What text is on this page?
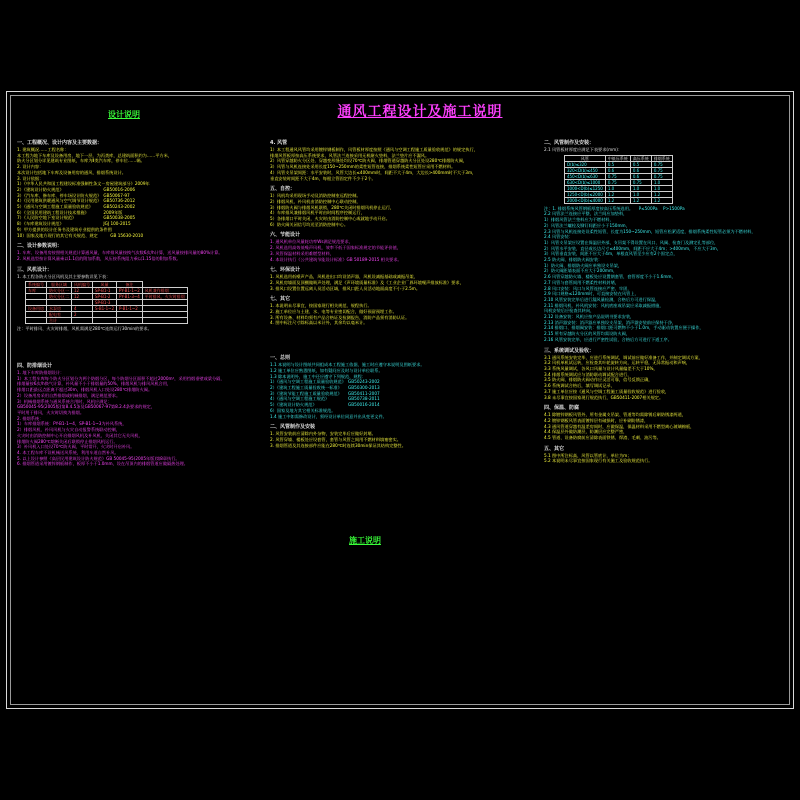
通风工程设计及施工说明
设计说明
施工说明
一、工程概况、设计内容及主要数据：
1. 建筑概况……工程名称：
本工程为地下车库及设备用房，地下一层，为丙类库，总建筑面积约为……平方米，
防火分区划分详见建筑专业图纸，车库为Ⅱ类汽车库，停车位……辆。
2. 设计内容：
本次设计包括地下车库及设备用房的通风、排烟系统设计。
3. 设计依据：
1）《中华人民共和国工程建设标准强制性条文－房屋建筑部分》2009年
2）《建筑设计防火规范》　　　　　　　　　　GB50016-2006
3）《汽车库、修车库、停车场设计防火规范》　GB50067-97
4）《民用建筑供暖通风与空气调节设计规范》　GB50736-2012
5）《通风与空调工程施工质量验收规范》　　　GB50243-2002
6）《全国民用建筑工程设计技术措施》　　　　2009年版
7）《人民防空地下室设计规范》　　　　　　　GB50038-2005
8）《车库建筑设计规范》　　　　　　　　　　JGJ 100-2015
9）甲方提供的设计任务书及建筑专业提供的条件图
10）国家及地方现行的其它有关规范、规定　　　GB 15630-2010
二、设计参数说明：
1. 车库、设备用房按照相关规范计算通风量，车库排风量按换气次数6次/h计算，送风量按排风量的80%计算。
2. 风机选型按计算风量乘以1.1倍的附加系数，风压按系统阻力乘以1.15倍的附加系数。
三、风机设计：
1. 本工程各防火分区风机及其主要参数详见下表：
系统编号	服务区域	风机编号	风量	备注	
车库	防火分区一	12	SP-B1-1	PY-B1-1~2	风机兼作排烟
	防火分区二	12	SP-B1-2	PY-B1-3~4	平时排风，火灾时排烟
			SP-B1-3		
设备用房	水泵房	4	S-B1-1~2	P-B1-1~2	
	配电室	2			
	合计				
注：平时排风、火灾时排烟，风机需满足280℃连续运行30min的要求。
四、防排烟设计
1. 地下车库防排烟设计：
1）本工程车库每个防火分区划分为两个防烟分区，每个防烟分区面积不超过2000m²，采用挡烟垂壁或梁分隔，
排烟量按6次/h换气计算，补风量不小于排烟量的50%，排烟风机与排风风机合用，
排烟口距最远点距离不超过30m，排烟风机入口处设280℃排烟防火阀。
2）设备用房采用自然排烟或机械排烟，满足规范要求。
3）机械排烟系统与通风系统合用时，风机应满足：
GB50045-95(2005版)第8.4.5条及GB50067-97第8.2.4条要求的规定，
平时用于排风，火灾时切换为排烟。
2. 排烟系统：
1）车库排烟系统：PY-B1-1~4，SP-B1-1~3为补风系统，
2）排烟风机、补风风机与火灾自动报警系统联动控制，
火灾时由消防控制中心开启排烟风机及补风机，关闭其它无关风机，
排烟防火阀280℃熔断关闭后联锁停止排烟风机运行。
3）补风机入口处设70℃防火阀，平时常开，火灾时开启补风。
4. 本工程车库不设机械送风系统，利用车道自然补风。
5. 以上设计参照《高层民用建筑设计防火规范》GB 50045-95(2005年版)第8章执行。
6. 排烟管道采用镀锌钢板制作，板厚不小于1.0mm，设在吊顶内的排烟管道应做隔热处理。
4. 风管
1）本工程通风风管均采用镀锌钢板制作，风管板材厚度按照《通风与空调工程施工质量验收规范》的规定执行，
排烟风管板厚按高压系统要求，风管法兰连接采用无机耐火垫料，法兰垫片应不漏风。
2）风管穿越防火分区处、穿越变形缝处均设70℃防火阀，排烟管道穿越防火分区处设280℃排烟防火阀，
3）风管与风机连接处采用长度150~250mm的柔性短管连接，排烟系统柔性短管应采用不燃材料。
4）风管支吊架间距：水平安装时，风管大边长≤400mm时，间距不大于4m，大边长>400mm时不大于3m，
垂直安装时间距不大于4m，每根立管固定件不少于2个。
五、自控：
1）风机均采用现场手动及消防控制室远程控制。
2）排烟风机、补风机由消防控制中心联动控制，
3）排烟防火阀与排烟风机联锁，280℃关闭时排烟风机停止运行，
4）车库排风兼排烟风机平时由时间程序控制运行，
5）各排烟口平时关闭，火灾时由消防控制中心或就地手动开启。
6）防火阀关闭信号均送至消防控制中心。
六、节能设计
1. 通风机单位风量耗功率Ws满足规范要求，
2. 风机选用高效低噪声风机，效率不低于国家标准规定的节能评价值，
3. 风管保温材料采用难燃型材料，
4. 本设计执行《公共建筑节能设计标准》GB 50189-2015 相关要求。
七、环保设计
1. 风机选用低噪声产品，风机进出口均设消声器，风机设减振基础或减振吊架，
2. 风机房墙面及顶棚做吸声处理，满足《声环境质量标准》及《工业企业厂界环境噪声排放标准》要求，
3. 排风口设置位置远离人员活动区域，排风口距人员活动地面高度不小于2.5m。
七、其它
1. 本说明未尽事宜，按国家现行相关规范、规程执行。
2. 施工单位应与土建、水、电等专业密切配合，做好预留预埋工作。
3. 所有设备、材料均须有产品合格证及检测报告，消防产品须有消防认证。
4. 图中标注尺寸除标高以米计外，其余均以毫米计。
一、总则
1.1 本说明与设计图纸共同组成本工程施工依据，施工时应遵守本说明及图纸要求。
1.2 施工单位应熟悉图纸，如有疑问应及时与设计单位联系。
1.3 除本说明外，施工中还应遵守下列规范、规程：
1）《通风与空调工程施工质量验收规范》　GB50243-2002
2）《建筑工程施工质量验收统一标准》　　GB50300-2013
3）《建筑节能工程施工质量验收规范》　　GB50411-2007
4）《通风与空调工程施工规范》　　　　　GB50738-2011
5）《建筑设计防火规范》　　　　　　　　GB50016-2014
6）国家及地方其它相关标准规范。
1.4 施工中如需修改设计，须经设计单位同意并出具变更文件。
二、风管制作及安装
1. 风管安装前应清除内外杂物，安装完毕后应做好封堵。
2. 风管穿墙、楼板处应设套管，套管与风管之间用不燃材料填塞密实。
3. 排烟管道及其连接部件应能在280℃时连续30min保证其结构完整性。
二、风管制作及安装：
2.1 风管板材厚度应满足下表要求(mm)：
风管	中低压系统	高压系统	排烟系统
D(b)≤320	0.5	0.5	0.75
320<D(b)≤450	0.6	0.6	0.75
450<D(b)≤630	0.75	0.6	0.75
630<D(b)≤1000	0.75	0.75	1.0
1000<D(b)≤1250	1.0	1.0	1.0
1250<D(b)≤2000	1.2	1.0	1.2
2000<D(b)≤4000	1.2	1.2	1.2
注：1. 排烟系统风管钢板厚度按高压系统选用。 　P≤500Pa 　P>1500Pa
2.2 风管法兰连接应平整，法兰间应加垫料，
1）排烟风管法兰垫料应为不燃材料，
2）风管法兰螺栓及铆钉间距应小于150mm，
2.3 风管与风机连接处设柔性短管，长度为150~250mm，短管应松紧适度，排烟系统柔性短管必须为不燃材料，
2.4 风管安装：
1）风管支吊架应设置在保温层外部，支吊架不得设置在风口、风阀、检查门及测定孔等部位，
2）风管水平安装，直径或长边尺寸≤400mm，间距不应大于4m；>400mm，不应大于3m，
3）风管垂直安装，间距不应大于4m，单根直风管至少应有2个固定点，
2.5 防火阀、排烟防火阀安装：
1）防火阀、排烟防火阀应单独设支吊架，
2）防火阀距墙表面不应大于200mm，
2.6 风管穿越防火墙、楼板处应设置钢套管，套管厚度不小于1.6mm，
2.7 风管与套管间用不燃柔性材料封堵，
2.8 风口安装：风口与风管连接应严密、牢固，
2.9 风口规格≤120mm时，可直接安装在风管上，
2.10 风管安装完毕后进行漏风量检测，合格后方可进行保温，
2.11 排烟风机、补风机安装：风机底座或吊架应采取减振措施，
风机安装后应检查其转向，
2.12 设备安装：风机应按产品说明书要求安装，
2.13 消声器安装：消声器应单独设支吊架，消声器安装前应保持干净，
2.14 排烟口、排烟阀安装：排烟口距可燃物不小于1.0m，手动驱动装置应便于操作，
2.15 所有穿越防火分区的风管均需设防火阀，
2.16 风管安装完毕，应进行严密性试验，合格后方可进行下道工序。
三、系统调试及验收：
3.1 通风系统安装完毕，应进行系统调试，调试前应做好准备工作，并制定调试方案，
3.2 风机单机试运转，应检查其叶轮旋转方向，运转平稳，无异常振动和声响，
3.3 系统风量调试，各风口风量与设计风量偏差不大于10%，
3.4 排烟系统调试应与消防联动调试配合进行，
3.5 防火阀、排烟防火阀动作应灵活可靠，信号反馈正确，
3.6 系统调试合格后，填写调试记录，
3.7 施工单位应按《通风与空调工程施工质量验收规范》进行验收，
3.8 未尽事宜按国家现行规范执行，GB50411-2007相关规定。
四、保温、防腐
4.1 除镀锌钢板风管外，所有金属支吊架、管道等均需除锈后刷防锈漆两道，
4.2 镀锌钢板风管表面镀锌层有破损时，应补刷防锈漆，
4.3 通风管道穿越有温差房间时，应做保温，保温材料采用不燃型离心玻璃棉板，
4.4 保温层外做防潮层，防潮层应完整严密，
4.5 管道、设备防腐前应清除表面铁锈、焊渣、毛刺、油污等。
五、其它
5.1 图中所注标高，风管以管底计，单位为m；
5.2 本说明未尽事宜按国家现行有关施工及验收规范执行。
